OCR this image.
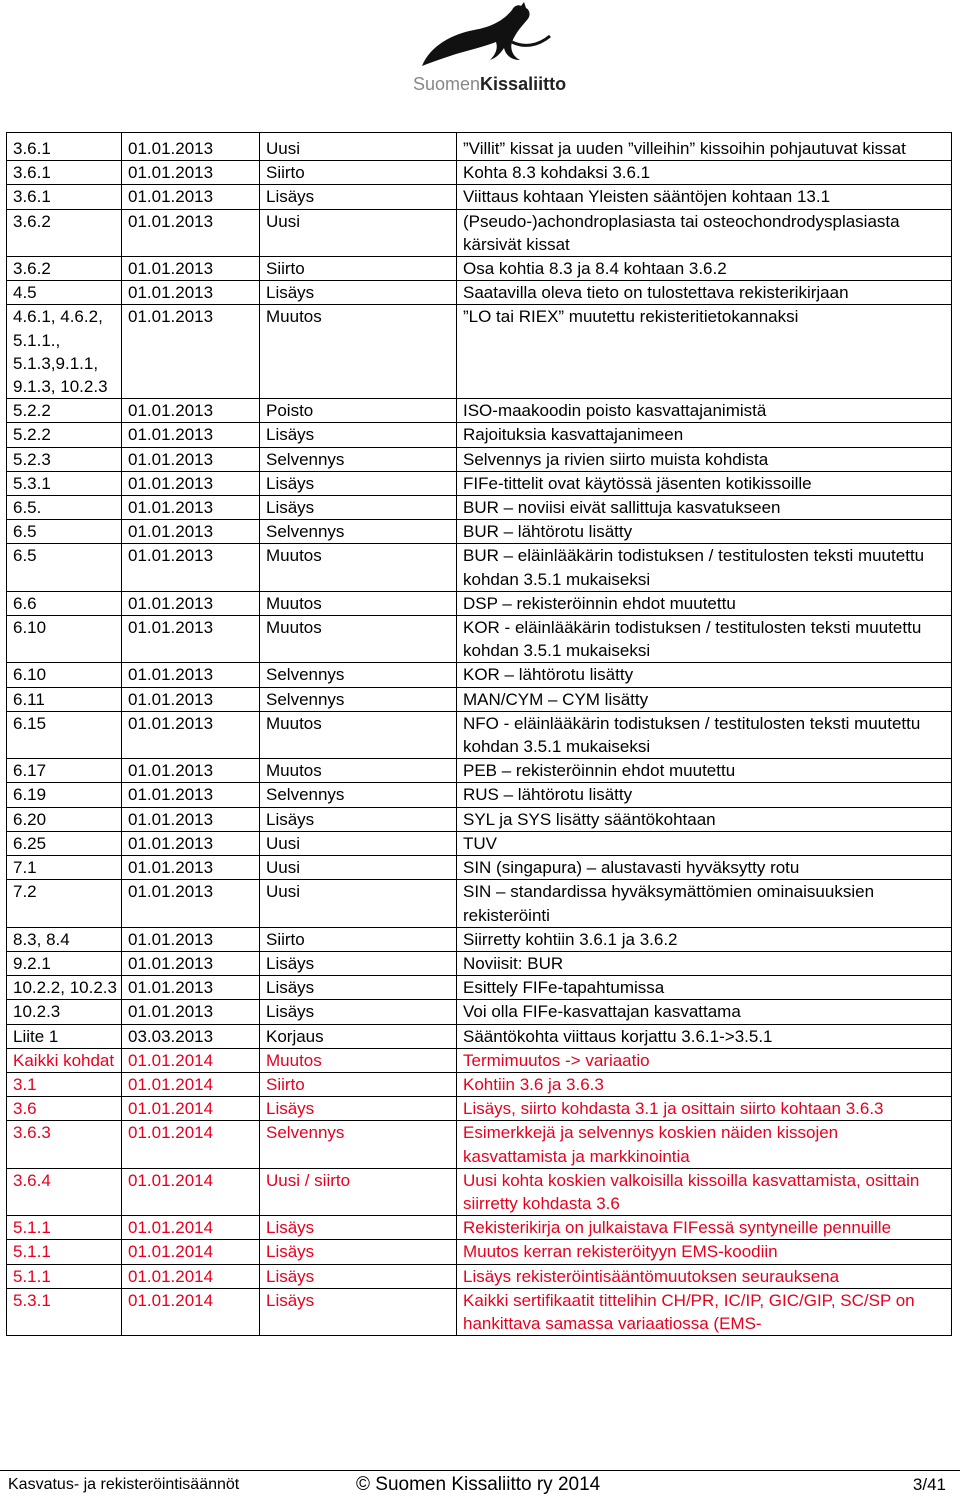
SuomenKissaliitto
3.6.1	01.01.2013	Uusi	”Villit” kissat ja uuden ”villeihin” kissoihin pohjautuvat kissat
3.6.1	01.01.2013	Siirto	Kohta 8.3 kohdaksi 3.6.1
3.6.1	01.01.2013	Lisäys	Viittaus kohtaan Yleisten sääntöjen kohtaan 13.1
3.6.2	01.01.2013	Uusi	(Pseudo-)achondroplasiasta tai osteochondrodysplasiasta kärsivät kissat
3.6.2	01.01.2013	Siirto	Osa kohtia 8.3 ja 8.4 kohtaan 3.6.2
4.5	01.01.2013	Lisäys	Saatavilla oleva tieto on tulostettava rekisterikirjaan
4.6.1, 4.6.2, 5.1.1., 5.1.3,9.1.1, 9.1.3, 10.2.3	01.01.2013	Muutos	”LO tai RIEX” muutettu rekisteritietokannaksi
5.2.2	01.01.2013	Poisto	ISO-maakoodin poisto kasvattajanimistä
5.2.2	01.01.2013	Lisäys	Rajoituksia kasvattajanimeen
5.2.3	01.01.2013	Selvennys	Selvennys ja rivien siirto muista kohdista
5.3.1	01.01.2013	Lisäys	FIFe-tittelit ovat käytössä jäsenten kotikissoille
6.5.	01.01.2013	Lisäys	BUR – noviisi eivät sallittuja kasvatukseen
6.5	01.01.2013	Selvennys	BUR – lähtörotu lisätty
6.5	01.01.2013	Muutos	BUR – eläinlääkärin todistuksen / testitulosten teksti muutettu kohdan 3.5.1 mukaiseksi
6.6	01.01.2013	Muutos	DSP – rekisteröinnin ehdot muutettu
6.10	01.01.2013	Muutos	KOR - eläinlääkärin todistuksen / testitulosten teksti muutettu kohdan 3.5.1 mukaiseksi
6.10	01.01.2013	Selvennys	KOR – lähtörotu lisätty
6.11	01.01.2013	Selvennys	MAN/CYM – CYM lisätty
6.15	01.01.2013	Muutos	NFO - eläinlääkärin todistuksen / testitulosten teksti muutettu kohdan 3.5.1 mukaiseksi
6.17	01.01.2013	Muutos	PEB – rekisteröinnin ehdot muutettu
6.19	01.01.2013	Selvennys	RUS – lähtörotu lisätty
6.20	01.01.2013	Lisäys	SYL ja SYS lisätty sääntökohtaan
6.25	01.01.2013	Uusi	TUV
7.1	01.01.2013	Uusi	SIN (singapura) – alustavasti hyväksytty rotu
7.2	01.01.2013	Uusi	SIN – standardissa hyväksymättömien ominaisuuksien rekisteröinti
8.3, 8.4	01.01.2013	Siirto	Siirretty kohtiin 3.6.1 ja 3.6.2
9.2.1	01.01.2013	Lisäys	Noviisit: BUR
10.2.2, 10.2.3	01.01.2013	Lisäys	Esittely FIFe-tapahtumissa
10.2.3	01.01.2013	Lisäys	Voi olla FIFe-kasvattajan kasvattama
Liite 1	03.03.2013	Korjaus	Sääntökohta viittaus korjattu 3.6.1->3.5.1
Kaikki kohdat	01.01.2014	Muutos	Termimuutos -> variaatio
3.1	01.01.2014	Siirto	Kohtiin 3.6 ja 3.6.3
3.6	01.01.2014	Lisäys	Lisäys, siirto kohdasta 3.1 ja osittain siirto kohtaan 3.6.3
3.6.3	01.01.2014	Selvennys	Esimerkkejä ja selvennys koskien näiden kissojen kasvattamista ja markkinointia
3.6.4	01.01.2014	Uusi / siirto	Uusi kohta koskien valkoisilla kissoilla kasvattamista, osittain siirretty kohdasta 3.6
5.1.1	01.01.2014	Lisäys	Rekisterikirja on julkaistava FIFessä syntyneille pennuille
5.1.1	01.01.2014	Lisäys	Muutos kerran rekisteröityyn EMS-koodiin
5.1.1	01.01.2014	Lisäys	Lisäys rekisteröintisääntömuutoksen seurauksena
5.3.1	01.01.2014	Lisäys	Kaikki sertifikaatit tittelihin CH/PR, IC/IP, GIC/GIP, SC/SP on hankittava samassa variaatiossa (EMS-
Kasvatus- ja rekisteröintisäännöt	© Suomen Kissaliitto ry 2014	3/41
